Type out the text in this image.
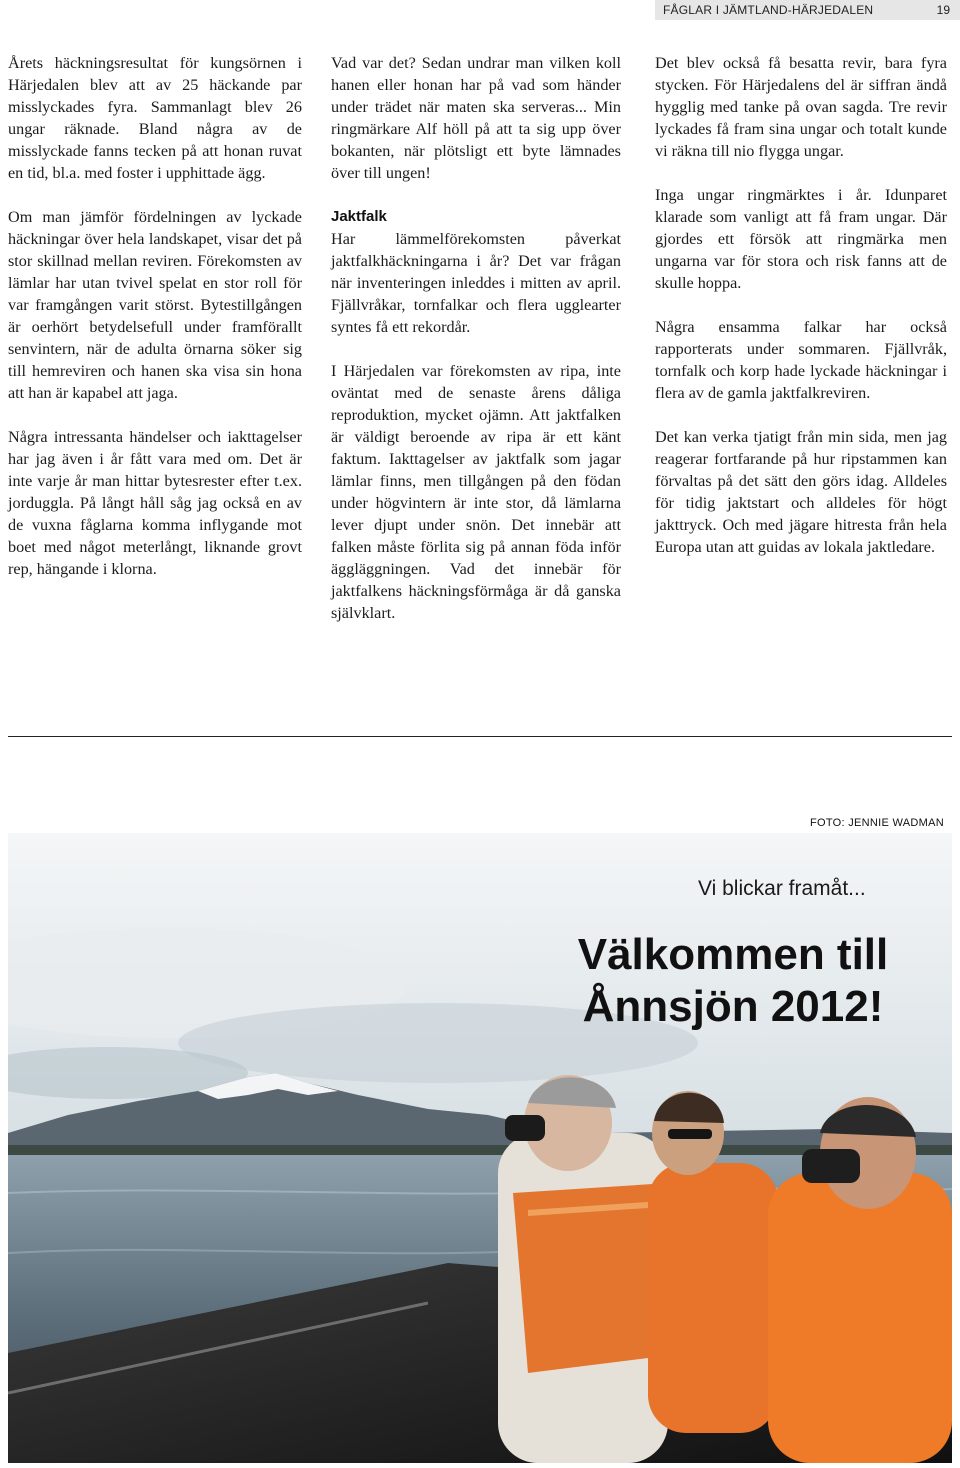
FÅGLAR I JÄMTLAND-HÄRJEDALEN	19

Årets häckningsresultat för kungsörnen i Härjedalen blev att av 25 häckande par misslyckades fyra. Sammanlagt blev 26 ungar räknade. Bland några av de misslyckade fanns tecken på att honan ruvat en tid, bl.a. med foster i upphittade ägg.

Om man jämför fördelningen av lyckade häckningar över hela landskapet, visar det på stor skillnad mellan reviren. Förekomsten av lämlar har utan tvivel spelat en stor roll för var framgången varit störst. Bytestillgången är oerhört betydelsefull under framförallt senvintern, när de adulta örnarna söker sig till hemreviren och hanen ska visa sin hona att han är kapabel att jaga.

Några intressanta händelser och iakttagelser har jag även i år fått vara med om. Det är inte varje år man hittar bytesrester efter t.ex. jorduggla. På långt håll såg jag också en av de vuxna fåglarna komma inflygande mot boet med något meterlångt, liknande grovt rep, hängande i klorna.

Vad var det? Sedan undrar man vilken koll hanen eller honan har på vad som händer under trädet när maten ska serveras... Min ringmärkare Alf höll på att ta sig upp över bokanten, när plötsligt ett byte lämnades över till ungen!

Jaktfalk

Har lämmelförekomsten påverkat jaktfalkhäckningarna i år? Det var frågan när inventeringen inleddes i mitten av april. Fjällvråkar, tornfalkar och flera ugglearter syntes få ett rekordår.

I Härjedalen var förekomsten av ripa, inte oväntat med de senaste årens dåliga reproduktion, mycket ojämn. Att jaktfalken är väldigt beroende av ripa är ett känt faktum. Iakttagelser av jaktfalk som jagar lämlar finns, men tillgången på den födan under högvintern är inte stor, då lämlarna lever djupt under snön. Det innebär att falken måste förlita sig på annan föda inför äggläggningen. Vad det innebär för jaktfalkens häckningsförmåga är då ganska självklart.

Det blev också få besatta revir, bara fyra stycken. För Härjedalens del är siffran ändå hygglig med tanke på ovan sagda. Tre revir lyckades få fram sina ungar och totalt kunde vi räkna till nio flygga ungar.

Inga ungar ringmärktes i år. Idunparet klarade som vanligt att få fram ungar. Där gjordes ett försök att ringmärka men ungarna var för stora och risk fanns att de skulle hoppa.

Några ensamma falkar har också rapporterats under sommaren. Fjällvråk, tornfalk och korp hade lyckade häckningar i flera av de gamla jaktfalkreviren.

Det kan verka tjatigt från min sida, men jag reagerar fortfarande på hur ripstammen kan förvaltas på det sätt den görs idag. Alldeles för tidig jaktstart och alldeles för högt jakttryck. Och med jägare hitresta från hela Europa utan att guidas av lokala jaktledare.

FOTO: JENNIE WADMAN
Vi blickar framåt...
Välkommen till
Ånnsjön 2012!
